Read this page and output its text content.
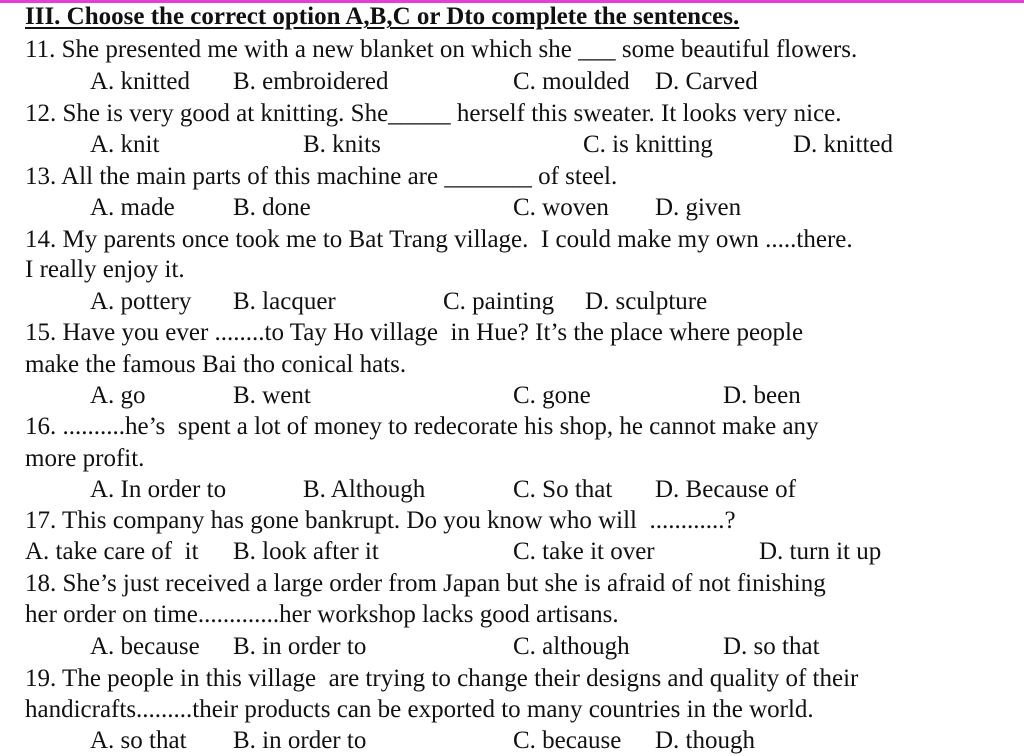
III. Choose the correct option A,B,C or Dto complete the sentences.
11. She presented me with a new blanket on which she ___ some beautiful flowers.
A. knitted B. embroidered	C. moulded D. Carved
12. She is very good at knitting. She_____ herself this sweater. It looks very nice.
A. knit	B. knits	C. is knitting	D. knitted
13. All the main parts of this machine are _______ of steel.
A. made B. done	C. woven D. given
14. My parents once took me to Bat Trang village.  I could make my own .....there.
I really enjoy it.
A. pottery B. lacquer	C. painting D. sculpture
15. Have you ever ........to Tay Ho village  in Hue? It’s the place where people
make the famous Bai tho conical hats.
A. go	B. went	C. gone	D. been
16. ..........he’s  spent a lot of money to redecorate his shop, he cannot make any
more profit.
A. In order to	B. Although	C. So that D. Because of
17. This company has gone bankrupt. Do you know who will  ............?
A. take care of  it B. look after it	C. take it over	D. turn it up
18. She’s just received a large order from Japan but she is afraid of not finishing
her order on time.............her workshop lacks good artisans.
A. because B. in order to	C. although	D. so that
19. The people in this village  are trying to change their designs and quality of their
handicrafts.........their products can be exported to many countries in the world.
A. so that B. in order to	C. because D. though
